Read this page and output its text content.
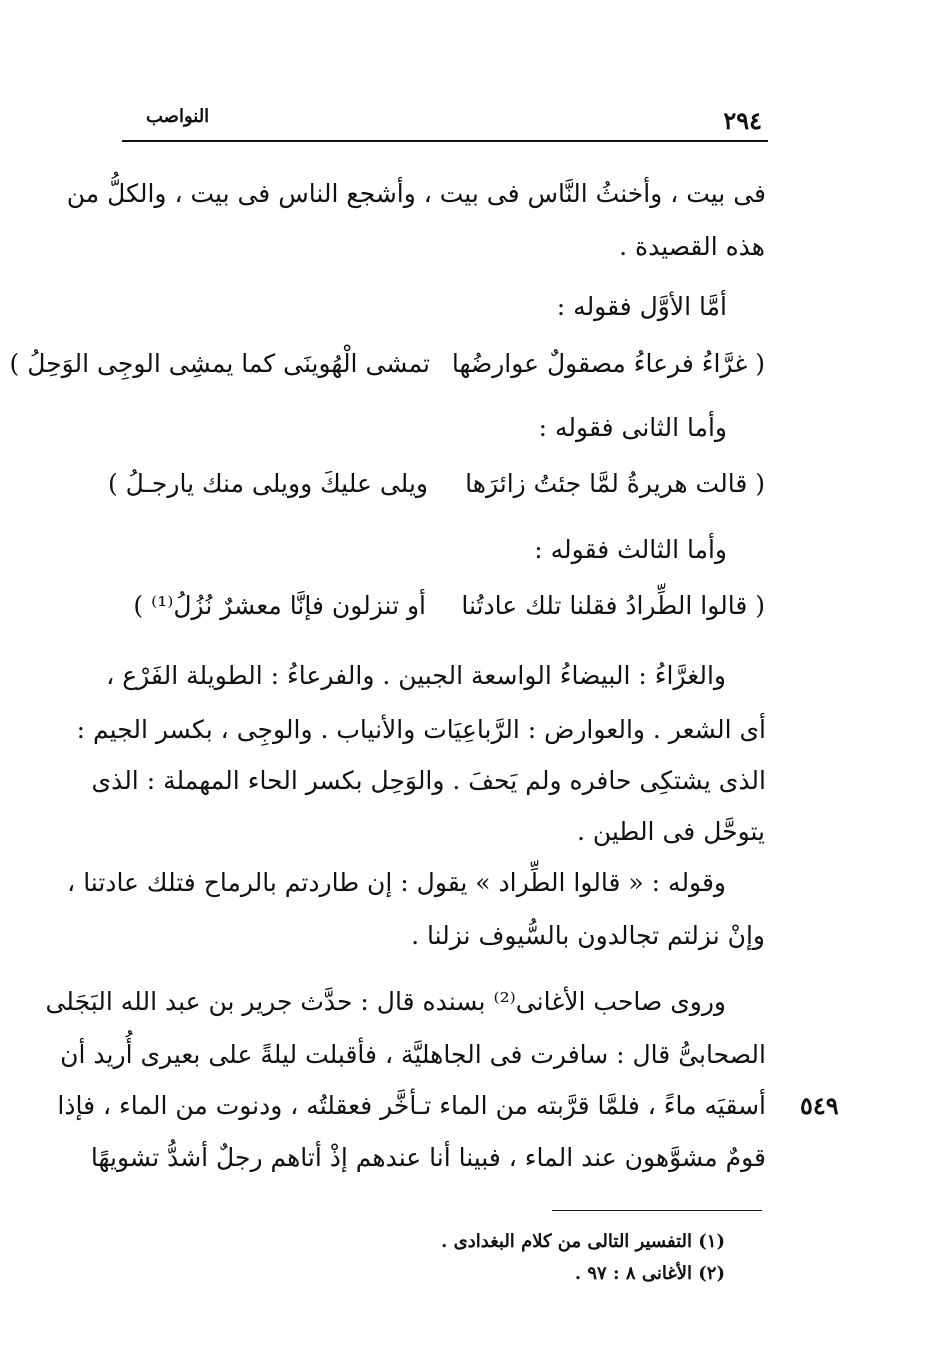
٢٩٤
النواصب
فى بيت ، وأخنثُ النَّاس فى بيت ، وأشجع الناس فى بيت ، والكلُّ من
هذه القصيدة .
أمَّا الأوَّل فقوله :
( غرَّاءُ فرعاءُ مصقولٌ عوارضُها
تمشى الْهُوينَى كما يمشِى الوجِى الوَحِلُ )
وأما الثانى فقوله :
( قالت هريرةُ لمَّا جئتُ زائرَها
ويلى عليكَ وويلى منك يارجـلُ )
وأما الثالث فقوله :
( قالوا الطِّرادُ فقلنا تلك عادتُنا
أو تنزلون فإنَّا معشرٌ نُزُلُ⁽¹⁾ )
والغرَّاءُ : البيضاءُ الواسعة الجبين . والفرعاءُ : الطويلة الفَرْع ،
أى الشعر . والعوارض : الرَّباعِيَات والأنياب . والوجِى ، بكسر الجيم :
الذى يشتكِى حافره ولم يَحفَ . والوَحِل بكسر الحاء المهملة : الذى
يتوحَّل فى الطين .
وقوله : « قالوا الطِّراد » يقول : إن طاردتم بالرماح فتلك عادتنا ،
وإنْ نزلتم تجالدون بالسُّيوف نزلنا .
وروى صاحب الأغانى⁽²⁾ بسنده قال : حدَّث جرير بن عبد الله البَجَلى
الصحابىُّ قال : سافرت فى الجاهليَّة ، فأقبلت ليلةً على بعيرى أُريد أن
أسقيَه ماءً ، فلمَّا قرَّبته من الماء تـأخَّر فعقلتُه ، ودنوت من الماء ، فإذا
قومٌ مشوَّهون عند الماء ، فبينا أنا عندهم إذْ أتاهم رجلٌ أشدُّ تشويهًا
٥٤٩
(١) التفسير التالى من كلام البغدادى .
(٢) الأغانى ٨ : ٩٧ .
